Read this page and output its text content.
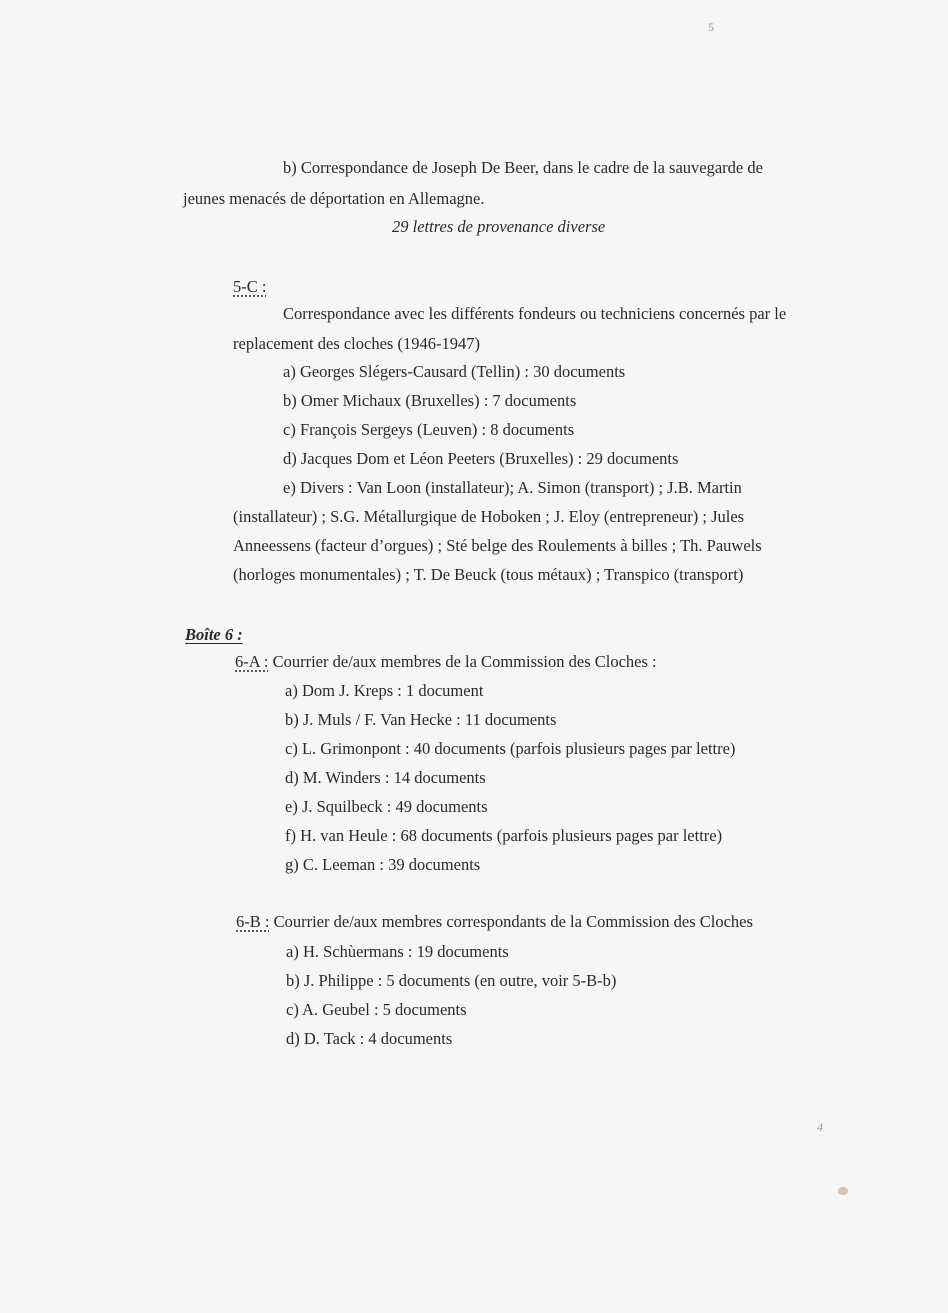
5
b) Correspondance de Joseph De Beer, dans le cadre de la sauvegarde de
jeunes menacés de déportation en Allemagne.
29 lettres de provenance diverse
5-C :
Correspondance avec les différents fondeurs ou techniciens concernés par le
replacement des cloches (1946-1947)
a) Georges Slégers-Causard (Tellin) : 30 documents
b) Omer Michaux (Bruxelles) : 7 documents
c) François Sergeys (Leuven) : 8 documents
d) Jacques Dom et Léon Peeters (Bruxelles) : 29 documents
e) Divers : Van Loon (installateur); A. Simon (transport) ; J.B. Martin
(installateur) ; S.G. Métallurgique de Hoboken ; J. Eloy (entrepreneur) ; Jules
Anneessens (facteur d’orgues) ; Sté belge des Roulements à billes ; Th. Pauwels
(horloges monumentales) ; T. De Beuck (tous métaux) ; Transpico (transport)
Boîte 6 :
6-A : Courrier de/aux membres de la Commission des Cloches :
a) Dom J. Kreps : 1 document
b) J. Muls / F. Van Hecke : 11 documents
c) L. Grimonpont : 40 documents (parfois plusieurs pages par lettre)
d) M. Winders : 14 documents
e) J. Squilbeck : 49 documents
f) H. van Heule : 68 documents (parfois plusieurs pages par lettre)
g) C. Leeman : 39 documents
6-B : Courrier de/aux membres correspondants de la Commission des Cloches
a) H. Schùermans : 19 documents
b) J. Philippe : 5 documents (en outre, voir 5-B-b)
c) A. Geubel : 5 documents
d) D. Tack : 4 documents
4
